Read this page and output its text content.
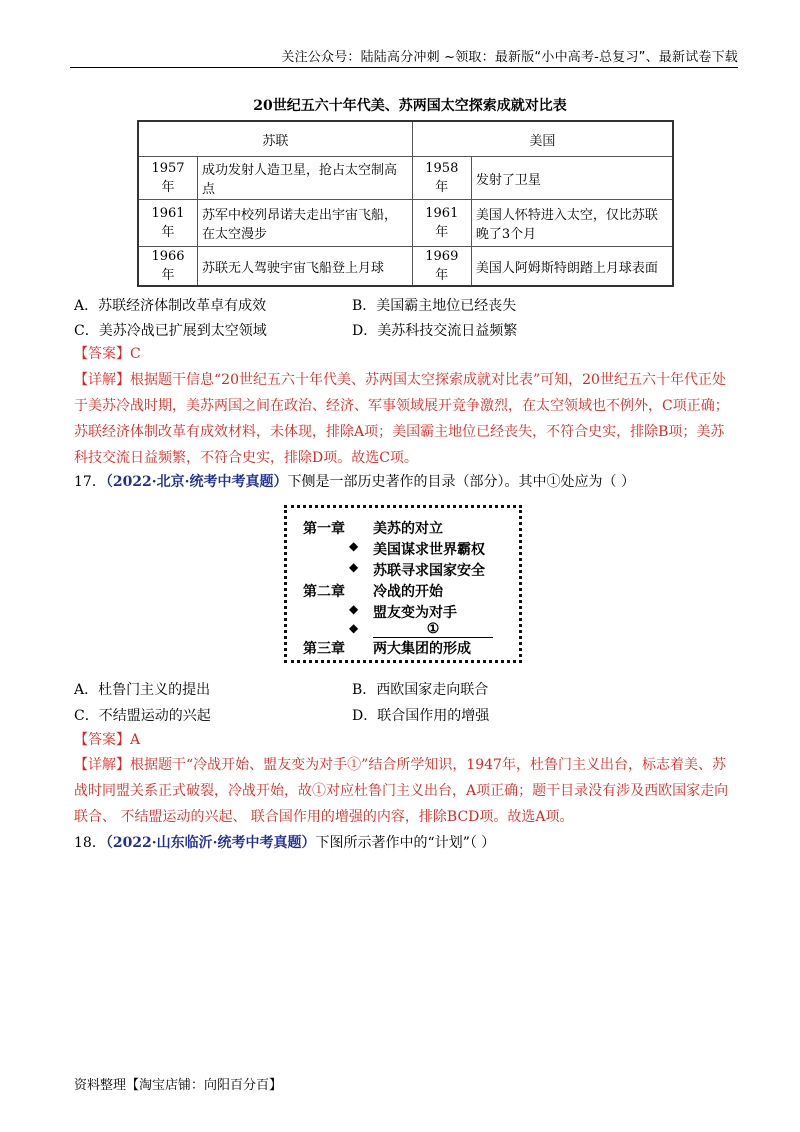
关注公众号：陆陆高分冲刺 ~领取：最新版“小中高考-总复习”、最新试卷下载
20世纪五六十年代美、苏两国太空探索成就对比表
苏联		美国	
1957 年	成功发射人造卫星，抢占太空制高点	1958 年	发射了卫星
1961 年	苏军中校列昂诺夫走出宇宙飞船，在太空漫步	1961 年	美国人怀特进入太空，仅比苏联晚了3个月
1966 年	苏联无人驾驶宇宙飞船登上月球	1969 年	美国人阿姆斯特朗踏上月球表面
A．苏联经济体制改革卓有成效	B．美国霸主地位已经丧失
C．美苏冷战已扩展到太空领域	D．美苏科技交流日益频繁
【答案】C
【详解】根据题干信息“20世纪五六十年代美、苏两国太空探索成就对比表”可知，20世纪五六十年代正处于美苏冷战时期，美苏两国之间在政治、经济、军事领域展开竞争激烈，在太空领域也不例外，C项正确；苏联经济体制改革有成效材料，未体现，排除A项；美国霸主地位已经丧失，不符合史实，排除B项；美苏科技交流日益频繁，不符合史实，排除D项。故选C项。
17．（2022·北京·统考中考真题）下侧是一部历史著作的目录（部分）。其中①处应为（ ）
第一章 美苏的对立
◆ 美国谋求世界霸权
◆ 苏联寻求国家安全
第二章 冷战的开始
◆ 盟友变为对手
◆	①
第三章 两大集团的形成
A．杜鲁门主义的提出	B．西欧国家走向联合
C．不结盟运动的兴起	D．联合国作用的增强
【答案】A
【详解】根据题干“冷战开始、盟友变为对手①”结合所学知识，1947年，杜鲁门主义出台，标志着美、苏战时同盟关系正式破裂，冷战开始，故①对应杜鲁门主义出台，A项正确；题干目录没有涉及西欧国家走向联合、 不结盟运动的兴起、 联合国作用的增强的内容，排除BCD项。故选A项。
18．（2022·山东临沂·统考中考真题）下图所示著作中的“计划”（ ）
资料整理【淘宝店铺：向阳百分百】
